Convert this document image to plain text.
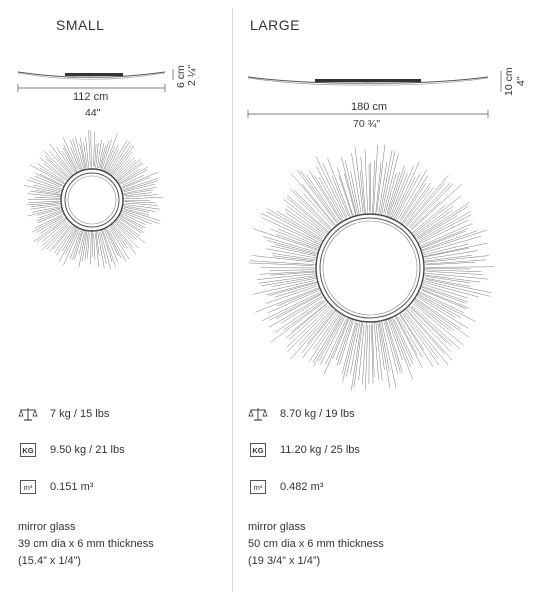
SMALL
6 cm 2 ¼"
112 cm
44"
7 kg / 15 lbs
KG 9.50 kg / 21 lbs
m³	0.151 m³
mirror glass
39 cm dia x 6 mm thickness
(15.4” x 1/4”)
LARGE
10 cm 4"
180 cm
70 ¾"
8.70 kg / 19 lbs
KG 11.20 kg / 25 lbs
m³	0.482 m³
mirror glass
50 cm dia x 6 mm thickness
(19 3/4” x 1/4”)
